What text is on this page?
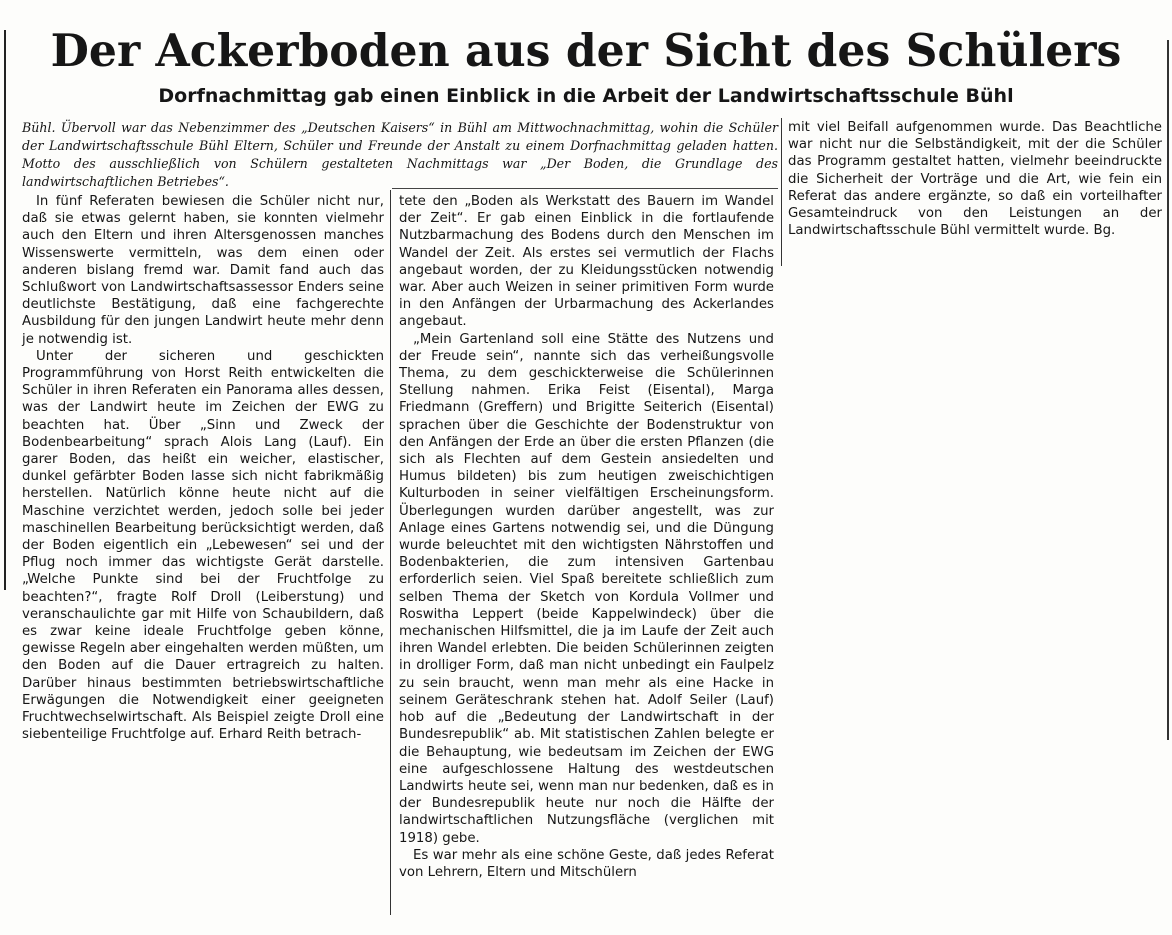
Der Ackerboden aus der Sicht des Schülers
Dorfnachmittag gab einen Einblick in die Arbeit der Landwirtschaftsschule Bühl

Bühl. Übervoll war das Nebenzimmer des „Deutschen Kaisers“ in Bühl am Mittwochnachmittag, wohin die Schüler der Landwirtschaftsschule Bühl Eltern, Schüler und Freunde der Anstalt zu einem Dorfnachmittag geladen hatten. Motto des ausschließlich von Schülern gestalteten Nachmittags war „Der Boden, die Grundlage des landwirtschaftlichen Betriebes“.

In fünf Referaten bewiesen die Schüler nicht nur, daß sie etwas gelernt haben, sie konnten vielmehr auch den Eltern und ihren Altersgenossen manches Wissenswerte vermitteln, was dem einen oder anderen bislang fremd war. Damit fand auch das Schlußwort von Landwirtschaftsassessor Enders seine deutlichste Bestätigung, daß eine fachgerechte Ausbildung für den jungen Landwirt heute mehr denn je notwendig ist.

Unter der sicheren und geschickten Programmführung von Horst Reith entwickelten die Schüler in ihren Referaten ein Panorama alles dessen, was der Landwirt heute im Zeichen der EWG zu beachten hat. Über „Sinn und Zweck der Bodenbearbeitung“ sprach Alois Lang (Lauf). Ein garer Boden, das heißt ein weicher, elastischer, dunkel gefärbter Boden lasse sich nicht fabrikmäßig herstellen. Natürlich könne heute nicht auf die Maschine verzichtet werden, jedoch solle bei jeder maschinellen Bearbeitung berücksichtigt werden, daß der Boden eigentlich ein „Lebewesen“ sei und der Pflug noch immer das wichtigste Gerät darstelle. „Welche Punkte sind bei der Fruchtfolge zu beachten?“, fragte Rolf Droll (Leiberstung) und veranschaulichte gar mit Hilfe von Schaubildern, daß es zwar keine ideale Fruchtfolge geben könne, gewisse Regeln aber eingehalten werden müßten, um den Boden auf die Dauer ertragreich zu halten. Darüber hinaus bestimmten betriebswirtschaftliche Erwägungen die Notwendigkeit einer geeigneten Fruchtwechselwirtschaft. Als Beispiel zeigte Droll eine siebenteilige Fruchtfolge auf. Erhard Reith betrach-

tete den „Boden als Werkstatt des Bauern im Wandel der Zeit“. Er gab einen Einblick in die fortlaufende Nutzbarmachung des Bodens durch den Menschen im Wandel der Zeit. Als erstes sei vermutlich der Flachs angebaut worden, der zu Kleidungsstücken notwendig war. Aber auch Weizen in seiner primitiven Form wurde in den Anfängen der Urbarmachung des Ackerlandes angebaut.

„Mein Gartenland soll eine Stätte des Nutzens und der Freude sein“, nannte sich das verheißungsvolle Thema, zu dem geschickterweise die Schülerinnen Stellung nahmen. Erika Feist (Eisental), Marga Friedmann (Greffern) und Brigitte Seiterich (Eisental) sprachen über die Geschichte der Bodenstruktur von den Anfängen der Erde an über die ersten Pflanzen (die sich als Flechten auf dem Gestein ansiedelten und Humus bildeten) bis zum heutigen zweischichtigen Kulturboden in seiner vielfältigen Erscheinungsform. Überlegungen wurden darüber angestellt, was zur Anlage eines Gartens notwendig sei, und die Düngung wurde beleuchtet mit den wichtigsten Nährstoffen und Bodenbakterien, die zum intensiven Gartenbau erforderlich seien. Viel Spaß bereitete schließlich zum selben Thema der Sketch von Kordula Vollmer und Roswitha Leppert (beide Kappelwindeck) über die mechanischen Hilfsmittel, die ja im Laufe der Zeit auch ihren Wandel erlebten. Die beiden Schülerinnen zeigten in drolliger Form, daß man nicht unbedingt ein Faulpelz zu sein braucht, wenn man mehr als eine Hacke in seinem Geräteschrank stehen hat. Adolf Seiler (Lauf) hob auf die „Bedeutung der Landwirtschaft in der Bundesrepublik“ ab. Mit statistischen Zahlen belegte er die Behauptung, wie bedeutsam im Zeichen der EWG eine aufgeschlossene Haltung des westdeutschen Landwirts heute sei, wenn man nur bedenken, daß es in der Bundesrepublik heute nur noch die Hälfte der landwirtschaftlichen Nutzungsfläche (verglichen mit 1918) gebe.

Es war mehr als eine schöne Geste, daß jedes Referat von Lehrern, Eltern und Mitschülern

mit viel Beifall aufgenommen wurde. Das Beachtliche war nicht nur die Selbständigkeit, mit der die Schüler das Programm gestaltet hatten, vielmehr beeindruckte die Sicherheit der Vorträge und die Art, wie fein ein Referat das andere ergänzte, so daß ein vorteilhafter Gesamteindruck von den Leistungen an der Landwirtschaftsschule Bühl vermittelt wurde. Bg.
